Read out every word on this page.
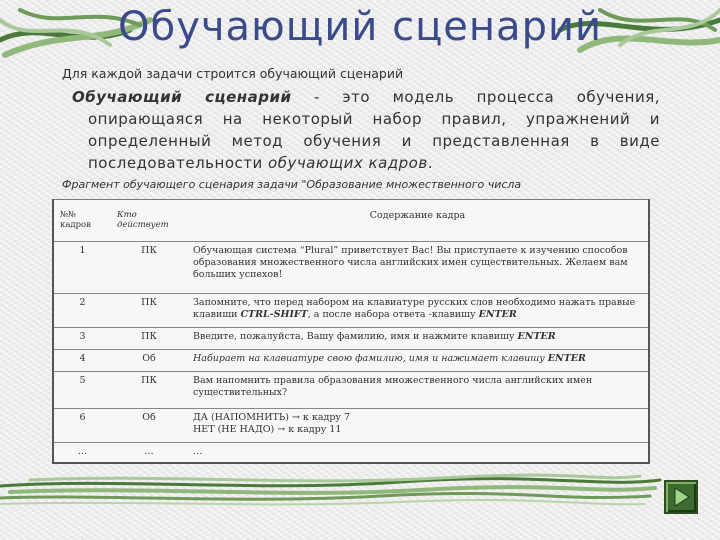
Обучающий сценарий
Для каждой задачи строится обучающий сценарий
Обучающий сценарий - это модель процесса обучения, опирающаяся на некоторый набор правил, упражнений и определенный метод обучения и представленная в виде последовательности обучающих кадров.
Фрагмент обучающего сценария задачи "Образование множественного числа
№№ кадров	Кто действует	Содержание кадра
1	ПК	Обучающая система “Plural” приветствует Вас! Вы приступаете к изучению способов образования множественного числа английских имен существительных. Желаем вам больших успехов!
2	ПК	Запомните, что перед набором на клавиатуре русских слов необходимо нажать правые клавиши CTRL-SHIFT, а после набора ответа -клавишу ENTER
3	ПК	Введите, пожалуйста, Вашу фамилию, имя и нажмите клавишу ENTER
4	Об	Набирает на клавиатуре свою фамилию, имя и нажимает клавишу ENTER
5	ПК	Вам напомнить правила образования множественного числа английских имен существительных?
6	Об	ДА (НАПОМНИТЬ) → к кадру 7
НЕТ (НЕ НАДО) → к кадру 11

…	…	…
